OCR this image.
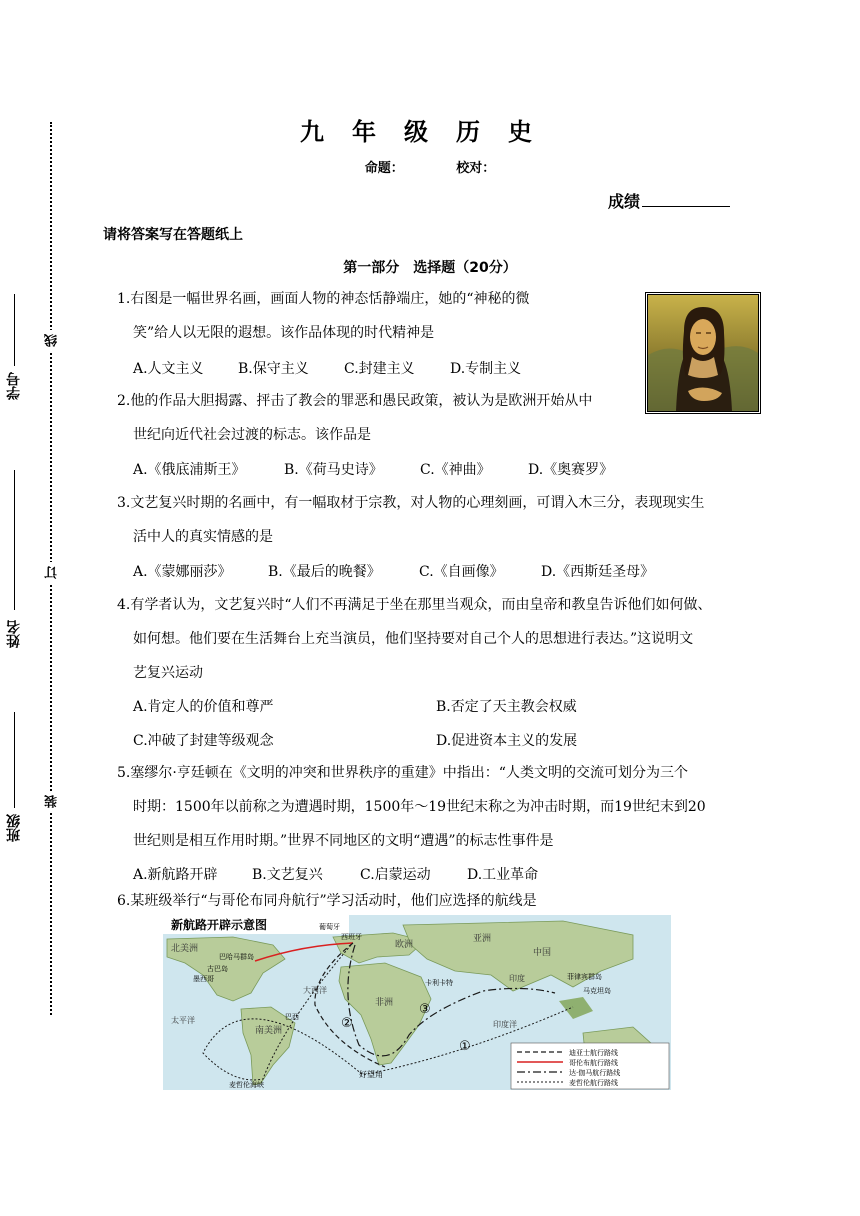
学号
姓名
班级
线
订
装
九年级历史
命题：	校对：
成绩
请将答案写在答题纸上
第一部分　选择题（20分）
1.右图是一幅世界名画，画面人物的神态恬静端庄，她的“神秘的微
笑”给人以无限的遐想。该作品体现的时代精神是
A.人文主义 B.保守主义	C.封建主义	D.专制主义
2.他的作品大胆揭露、抨击了教会的罪恶和愚民政策，被认为是欧洲开始从中
世纪向近代社会过渡的标志。该作品是
A.《俄底浦斯王》	B.《荷马史诗》	C.《神曲》	D.《奥赛罗》
3.文艺复兴时期的名画中，有一幅取材于宗教，对人物的心理刻画，可谓入木三分，表现现实生
活中人的真实情感的是
A.《蒙娜丽莎》	B.《最后的晚餐》	C.《自画像》	D.《西斯廷圣母》
4.有学者认为，文艺复兴时“人们不再满足于坐在那里当观众，而由皇帝和教皇告诉他们如何做、
如何想。他们要在生活舞台上充当演员，他们坚持要对自己个人的思想进行表达。”这说明文
艺复兴运动
A.肯定人的价值和尊严	B.否定了天主教会权威
C.冲破了封建等级观念	D.促进资本主义的发展
5.塞缪尔·亨廷顿在《文明的冲突和世界秩序的重建》中指出：“人类文明的交流可划分为三个
时期：1500年以前称之为遭遇时期，1500年～19世纪末称之为冲击时期，而19世纪末到20
世纪则是相互作用时期。”世界不同地区的文明“遭遇”的标志性事件是
A.新航路开辟 B.文艺复兴	C.启蒙运动	D.工业革命
6.某班级举行“与哥伦布同舟航行”学习活动时，他们应选择的航线是
新航路开辟示意图
①
②
③
北美洲	欧洲
亚洲
中国
印度
非洲
南美洲
大西洋
太平洋	印度洋
好望角
葡萄牙
西班牙
巴哈马群岛
古巴岛
菲律宾群岛
马克坦岛
巴西
墨西哥
麦哲伦海峡
卡利卡特
迪亚士航行路线
哥伦布航行路线
达·伽马航行路线
麦哲伦航行路线
